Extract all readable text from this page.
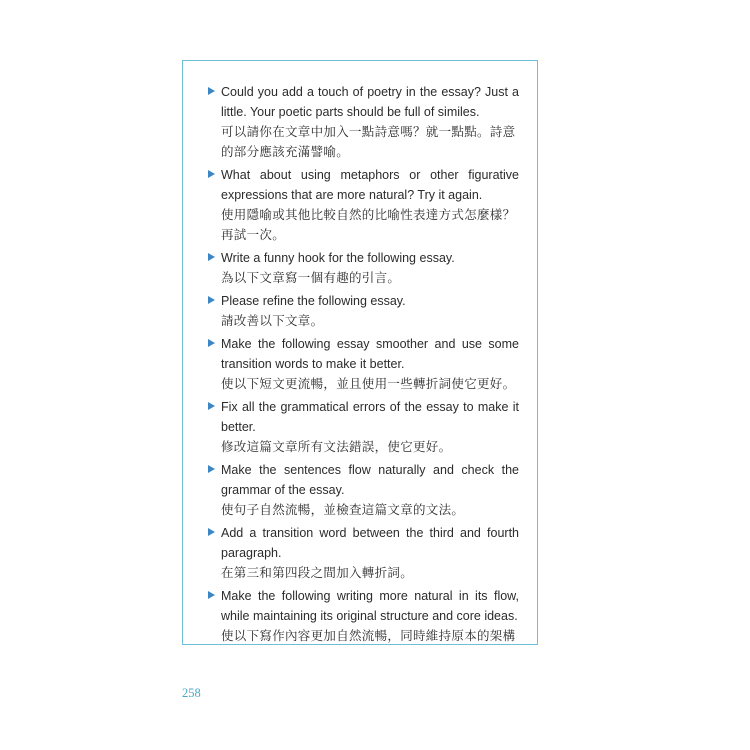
Could you add a touch of poetry in the essay? Just a little. Your poetic parts should be full of similes.
可以請你在文章中加入一點詩意嗎？就一點點。詩意的部分應該充滿譬喻。
What about using metaphors or other figurative expressions that are more natural? Try it again.
使用隱喻或其他比較自然的比喻性表達方式怎麼樣？再試一次。
Write a funny hook for the following essay.
為以下文章寫一個有趣的引言。
Please refine the following essay.
請改善以下文章。
Make the following essay smoother and use some transition words to make it better.
使以下短文更流暢，並且使用一些轉折詞使它更好。
Fix all the grammatical errors of the essay to make it better.
修改這篇文章所有文法錯誤，使它更好。
Make the sentences flow naturally and check the grammar of the essay.
使句子自然流暢，並檢查這篇文章的文法。
Add a transition word between the third and fourth paragraph.
在第三和第四段之間加入轉折詞。
Make the following writing more natural in its flow, while maintaining its original structure and core ideas.
使以下寫作內容更加自然流暢，同時維持原本的架構
258
